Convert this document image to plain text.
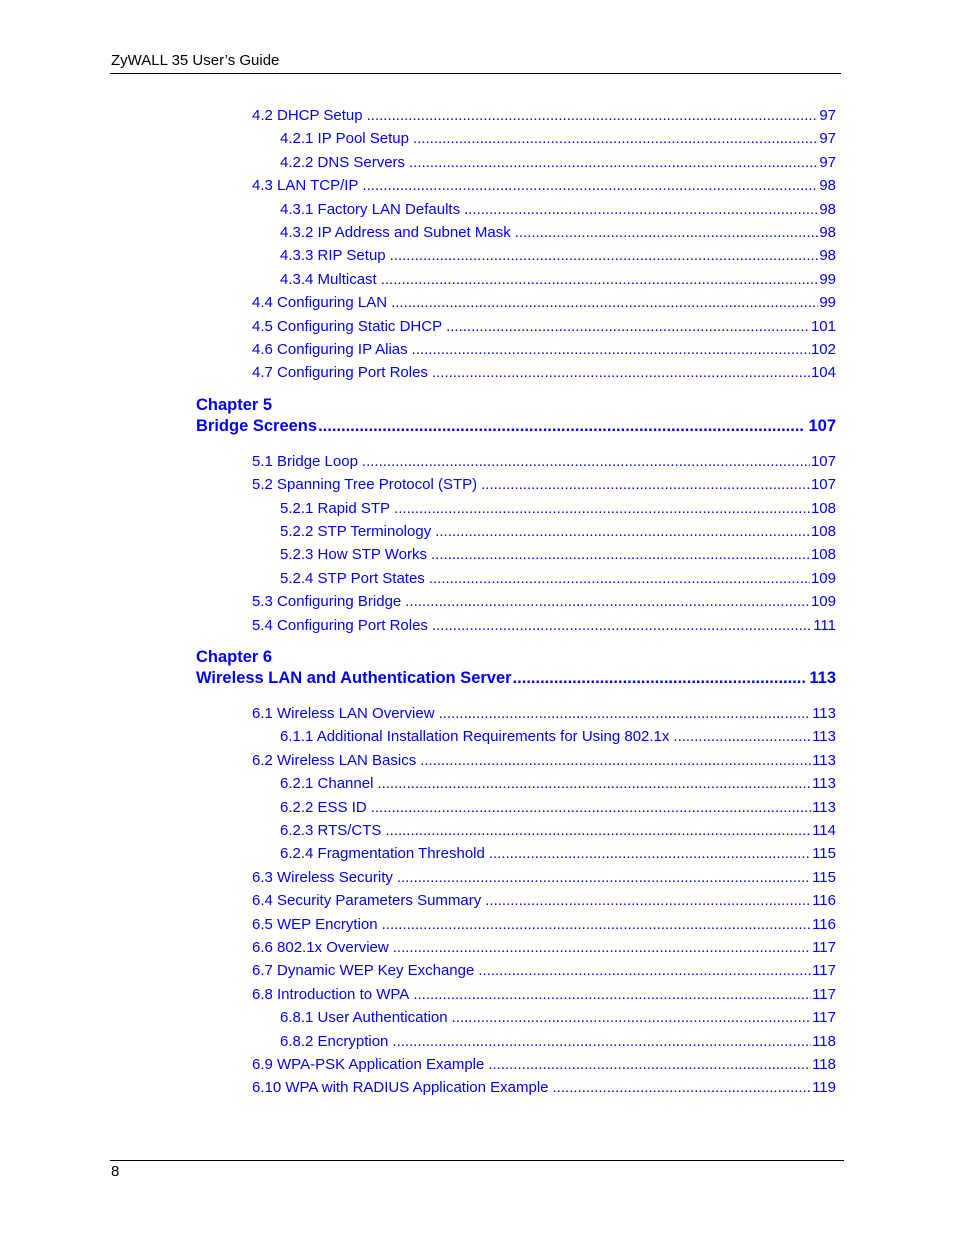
ZyWALL 35 User’s Guide
4.2 DHCP Setup .....	97
4.2.1 IP Pool Setup .....	97
4.2.2 DNS Servers .....	97
4.3 LAN TCP/IP .....	98
4.3.1 Factory LAN Defaults .....	98
4.3.2 IP Address and Subnet Mask .....	98
4.3.3 RIP Setup .....	98
4.3.4 Multicast .....	99
4.4 Configuring LAN .....	99
4.5 Configuring Static DHCP .....	101
4.6 Configuring IP Alias .....	102
4.7 Configuring Port Roles .....	104
Chapter 5
Bridge Screens .....	107
5.1 Bridge Loop .....	107
5.2 Spanning Tree Protocol (STP) .....	107
5.2.1 Rapid STP .....	108
5.2.2 STP Terminology .....	108
5.2.3 How STP Works .....	108
5.2.4 STP Port States .....	109
5.3 Configuring Bridge .....	109
5.4 Configuring Port Roles .....	111
Chapter 6
Wireless LAN and Authentication Server .....	113
6.1 Wireless LAN Overview .....	113
6.1.1 Additional Installation Requirements for Using 802.1x .....	113
6.2 Wireless LAN Basics .....	113
6.2.1 Channel .....	113
6.2.2 ESS ID .....	113
6.2.3 RTS/CTS .....	114
6.2.4 Fragmentation Threshold .....	115
6.3 Wireless Security .....	115
6.4 Security Parameters Summary .....	116
6.5 WEP Encrytion .....	116
6.6 802.1x Overview .....	117
6.7 Dynamic WEP Key Exchange .....	117
6.8 Introduction to WPA .....	117
6.8.1 User Authentication .....	117
6.8.2 Encryption .....	118
6.9 WPA-PSK Application Example .....	118
6.10 WPA with RADIUS Application Example .....	119
8
